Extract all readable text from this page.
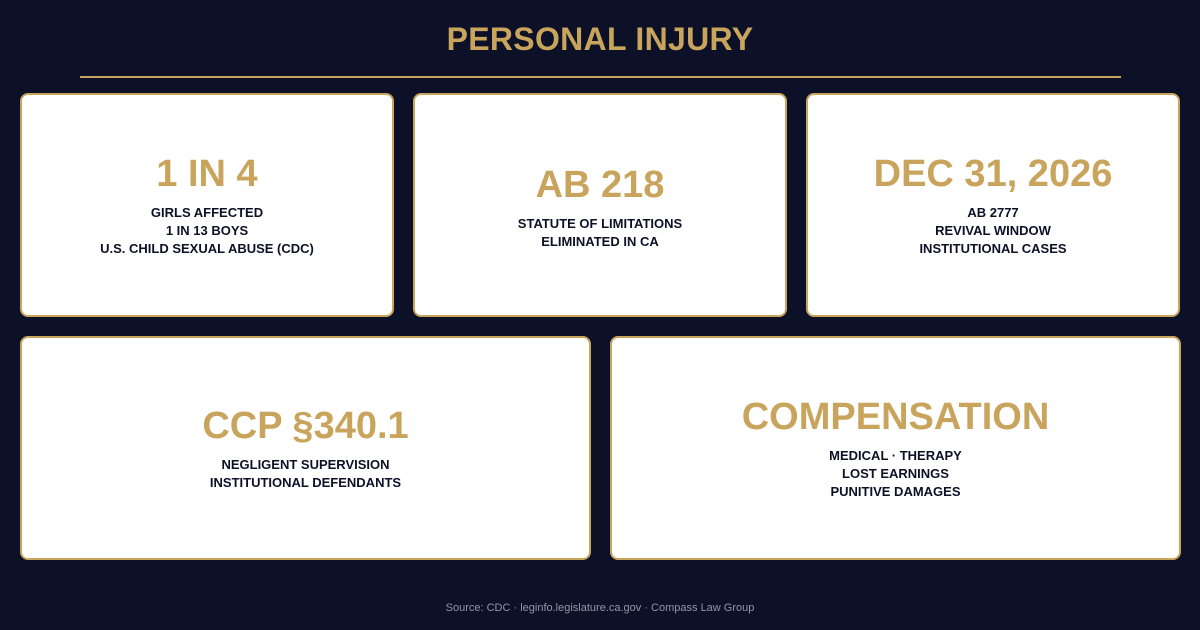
PERSONAL INJURY
1 IN 4
GIRLS AFFECTED
1 IN 13 BOYS
U.S. CHILD SEXUAL ABUSE (CDC)
AB 218
STATUTE OF LIMITATIONS
ELIMINATED IN CA
DEC 31, 2026
AB 2777
REVIVAL WINDOW
INSTITUTIONAL CASES
CCP §340.1
NEGLIGENT SUPERVISION
INSTITUTIONAL DEFENDANTS
COMPENSATION
MEDICAL · THERAPY
LOST EARNINGS
PUNITIVE DAMAGES
Source: CDC · leginfo.legislature.ca.gov · Compass Law Group
